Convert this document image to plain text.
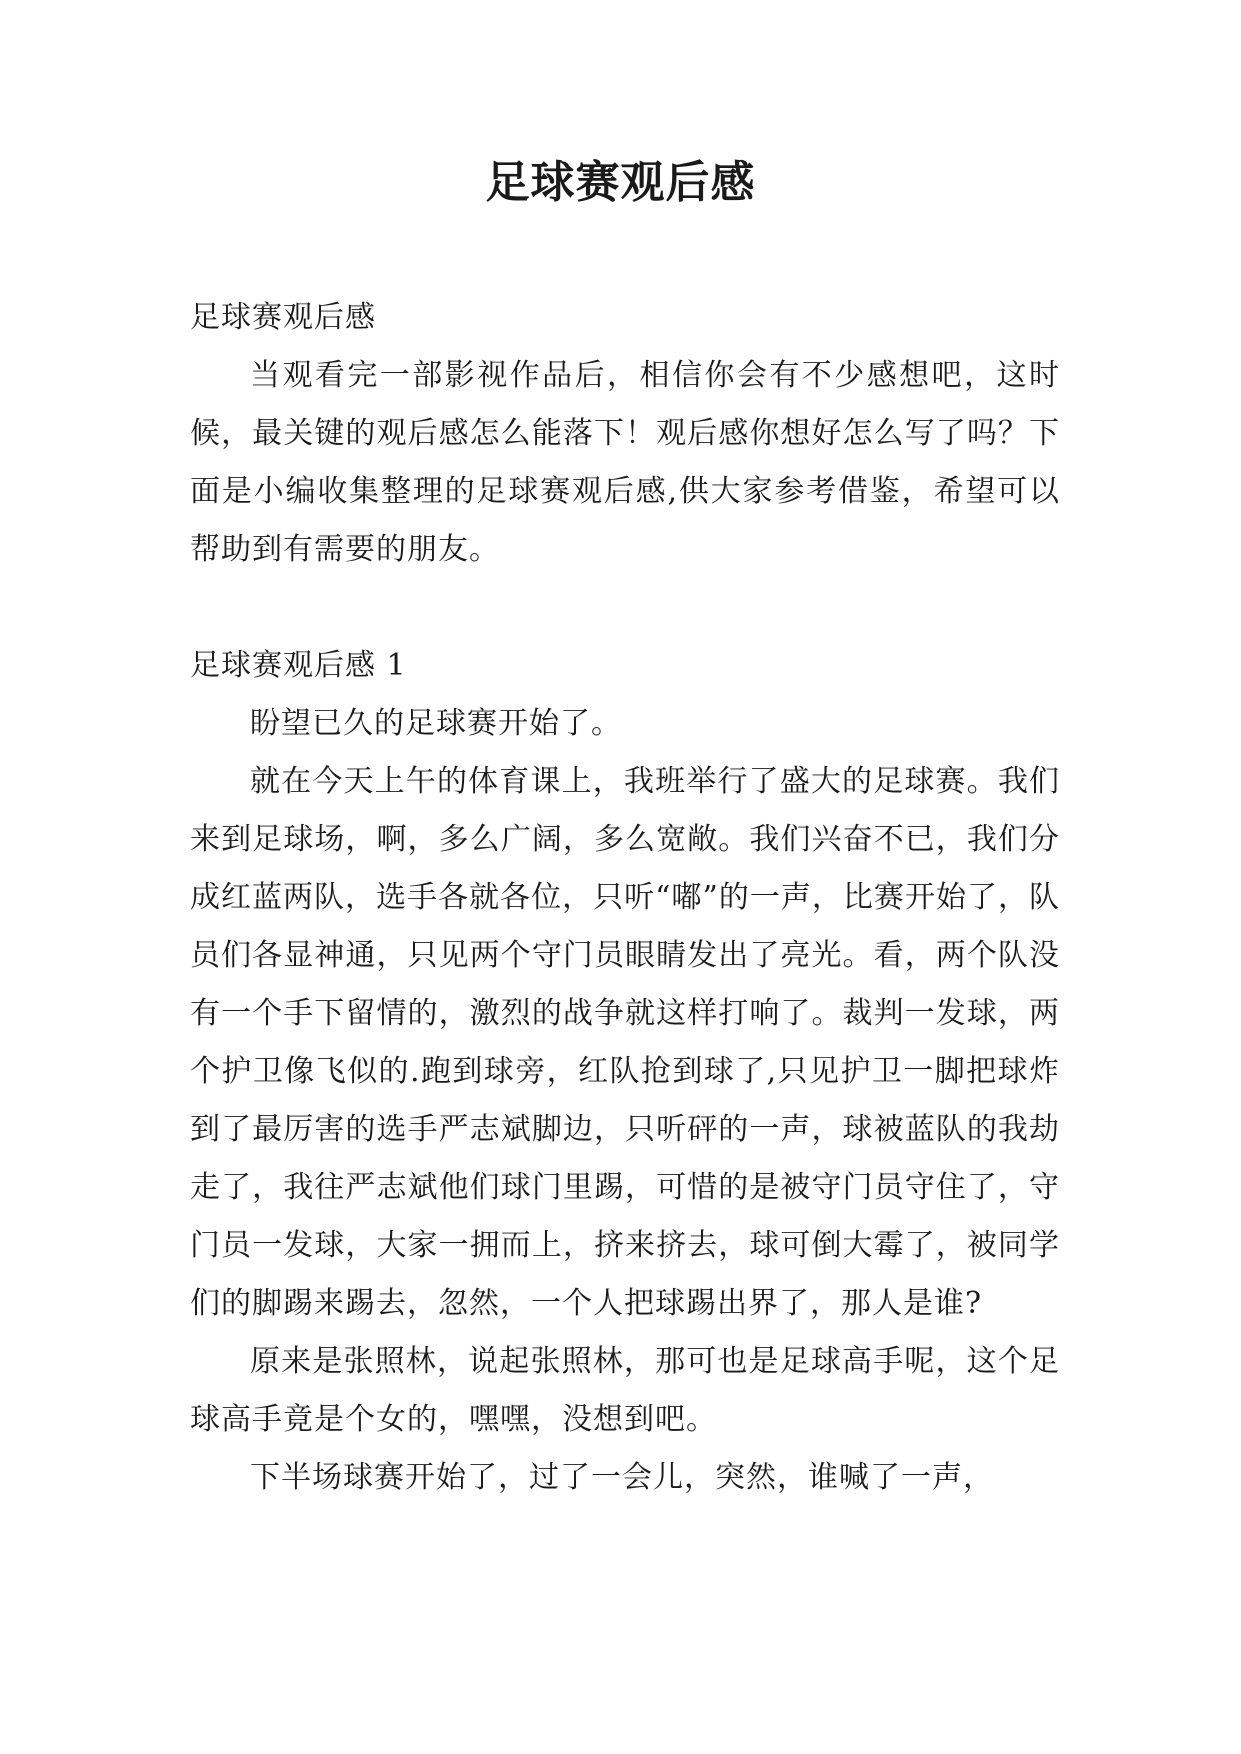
足球赛观后感

足球赛观后感

当观看完一部影视作品后，相信你会有不少感想吧，这时候，最关键的观后感怎么能落下！观后感你想好怎么写了吗？下面是小编收集整理的足球赛观后感,供大家参考借鉴，希望可以帮助到有需要的朋友。

足球赛观后感 1

盼望已久的足球赛开始了。

就在今天上午的体育课上，我班举行了盛大的足球赛。我们来到足球场，啊，多么广阔，多么宽敞。我们兴奋不已，我们分成红蓝两队，选手各就各位，只听“嘟”的一声，比赛开始了，队员们各显神通，只见两个守门员眼睛发出了亮光。看，两个队没有一个手下留情的，激烈的战争就这样打响了。裁判一发球，两个护卫像飞似的.跑到球旁，红队抢到球了,只见护卫一脚把球炸到了最厉害的选手严志斌脚边，只听砰的一声，球被蓝队的我劫走了，我往严志斌他们球门里踢，可惜的是被守门员守住了，守门员一发球，大家一拥而上，挤来挤去，球可倒大霉了，被同学们的脚踢来踢去，忽然，一个人把球踢出界了，那人是谁?

原来是张照林，说起张照林，那可也是足球高手呢，这个足球高手竟是个女的，嘿嘿，没想到吧。

下半场球赛开始了，过了一会儿，突然，谁喊了一声，
